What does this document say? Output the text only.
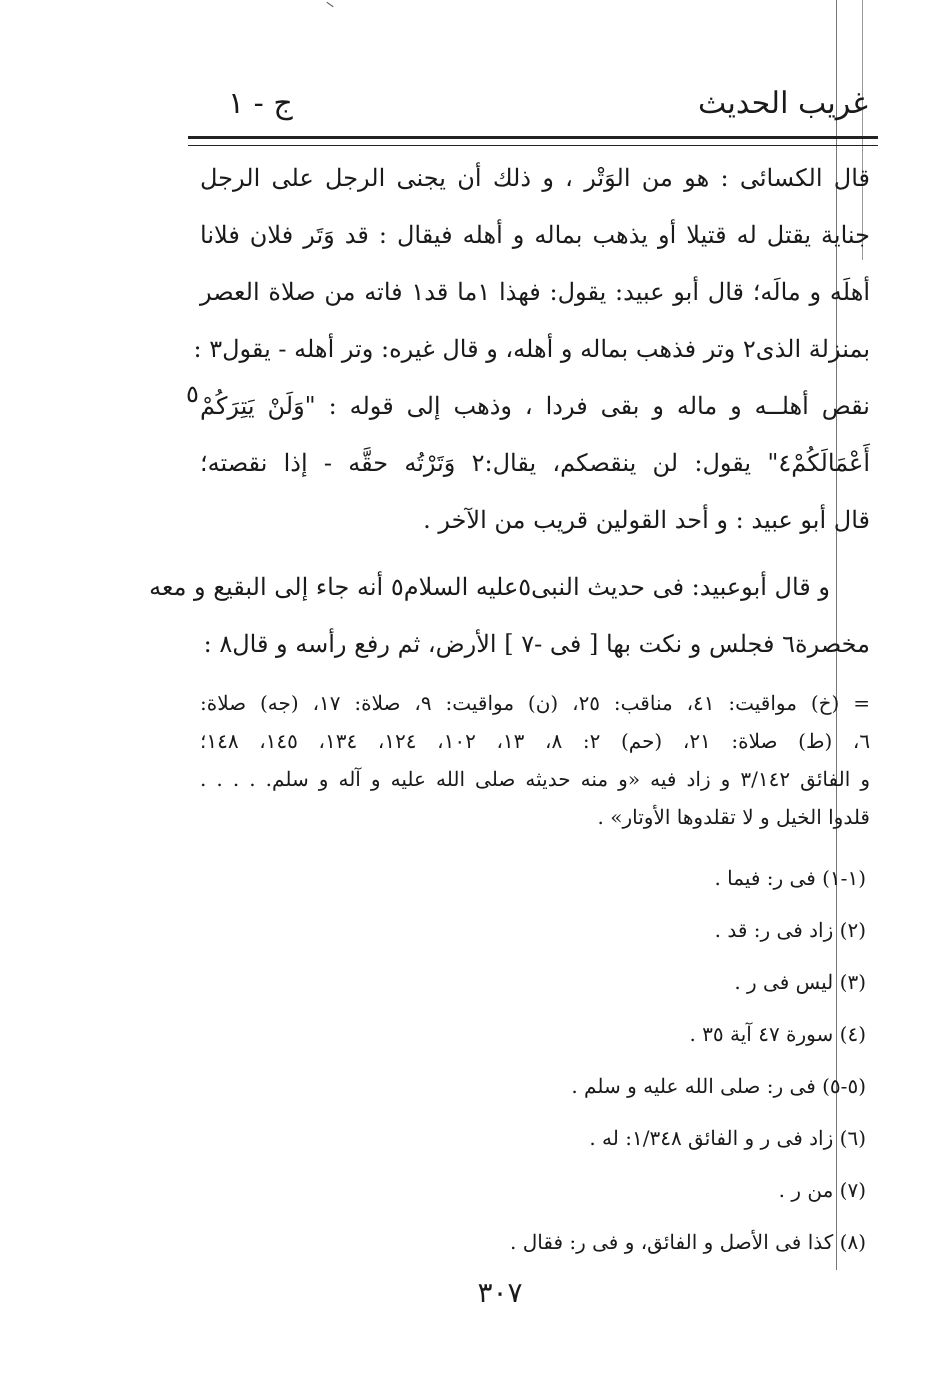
غريب الحديث
ج - ١
قال الكسائى : هو من الوَتْر ، و ذلك أن يجنى الرجل على الرجل
جناية يقتل له قتيلا أو يذهب بماله و أهله فيقال : قد وَتَر فلان فلانا
أهلَه و مالَه؛ قال أبو عبيد: يقول: فهذا ١ما قد١ فاته من صلاة العصر
بمنزلة الذى٢ وتر فذهب بماله و أهله، و قال غيره: وتر أهله - يقول٣ :
نقص أهلــه و ماله و بقى فردا ، وذهب إلى قوله : "وَلَنْ يَتِرَكُمْ
أَعْمَالَكُمْ٤" يقول: لن ينقصكم، يقال:٢ وَتَرْتُه حقَّه - إذا نقصته؛
قال أبو عبيد : و أحد القولين قريب من الآخر .
و قال أبوعبيد: فى حديث النبى٥عليه السلام٥ أنه جاء إلى البقيع و معه
مخصرة٦ فجلس و نكت بها [ فى -٧ ] الأرض، ثم رفع رأسه و قال٨ :
٥
= (خ) مواقيت: ٤١، مناقب: ٢٥، (ن) مواقيت: ٩، صلاة: ١٧، (جه) صلاة:
٦، (ط) صلاة: ٢١، (حم) ٢: ٨، ١٣، ١٠٢، ١٢٤، ١٣٤، ١٤٥، ١٤٨؛
و الفائق ٣/١٤٢ و زاد فيه «و منه حديثه صلى الله عليه و آله و سلم. . . . .
قلدوا الخيل و لا تقلدوها الأوتار» .
(١-١) فى ر: فيما .
(٢) زاد فى ر: قد .
(٣) ليس فى ر .
(٤) سورة ٤٧ آية ٣٥ .
(٥-٥) فى ر: صلى الله عليه و سلم .
(٦) زاد فى ر و الفائق ١/٣٤٨: له .
(٧) من ر .
(٨) كذا فى الأصل و الفائق، و فى ر: فقال .
٣٠٧
